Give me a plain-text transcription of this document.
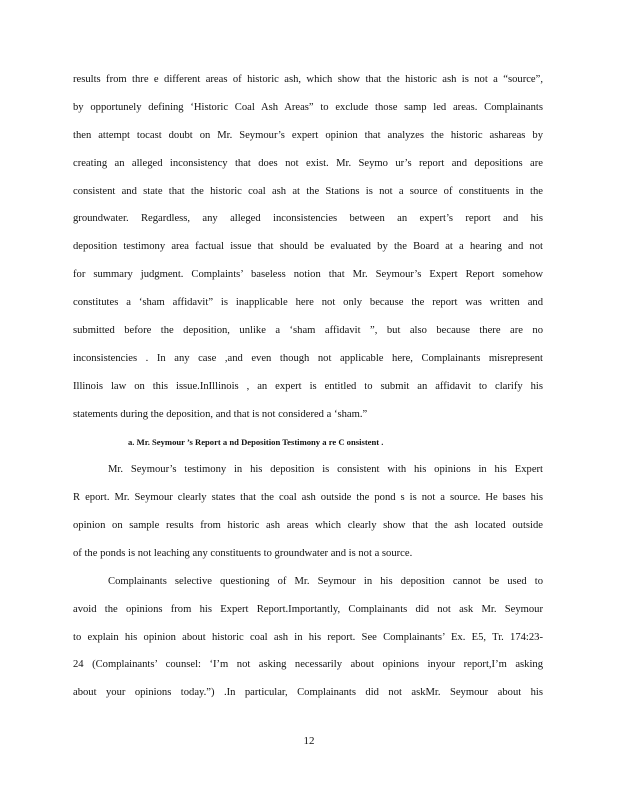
results from thre e different areas of historic ash, which show that the historic ash is not a “source”,
by opportunely defining ‘Historic Coal Ash Areas” to exclude those samp led areas. Complainants
then attempt tocast doubt on Mr. Seymour’s expert opinion that analyzes the historic ashareas by
creating an alleged inconsistency that does not exist. Mr. Seymo ur’s report and depositions are
consistent and state that the historic coal ash at the Stations is not a source of constituents in the
groundwater. Regardless, any alleged inconsistencies between an expert’s report and his
deposition testimony area factual issue that should be evaluated by the Board at a hearing and not
for summary judgment. Complaints’ baseless notion that Mr. Seymour’s Expert Report somehow
constitutes a ‘sham affidavit” is inapplicable here not only because the report was written and
submitted before the deposition, unlike a ‘sham affidavit ”, but also because there are no
inconsistencies . In any case ,and even though not applicable here, Complainants misrepresent
Illinois law on this issue.InIllinois , an expert is entitled to submit an affidavit to clarify his
statements during the deposition, and that is not considered a ‘sham.”
a. Mr. Seymour ’s Report a nd Deposition Testimony a re C onsistent .
Mr. Seymour’s testimony in his deposition is consistent with his opinions in his Expert
R eport. Mr. Seymour clearly states that the coal ash outside the pond s is not a source. He bases his
opinion on sample results from historic ash areas which clearly show that the ash located outside
of the ponds is not leaching any constituents to groundwater and is not a source.
Complainants selective questioning of Mr. Seymour in his deposition cannot be used to
avoid the opinions from his Expert Report.Importantly, Complainants did not ask Mr. Seymour
to explain his opinion about historic coal ash in his report. See Complainants’ Ex. E5, Tr. 174:23-
24 (Complainants’ counsel: ‘I’m not asking necessarily about opinions inyour report,I’m asking
about your opinions today.”) .In particular, Complainants did not askMr. Seymour about his
12
